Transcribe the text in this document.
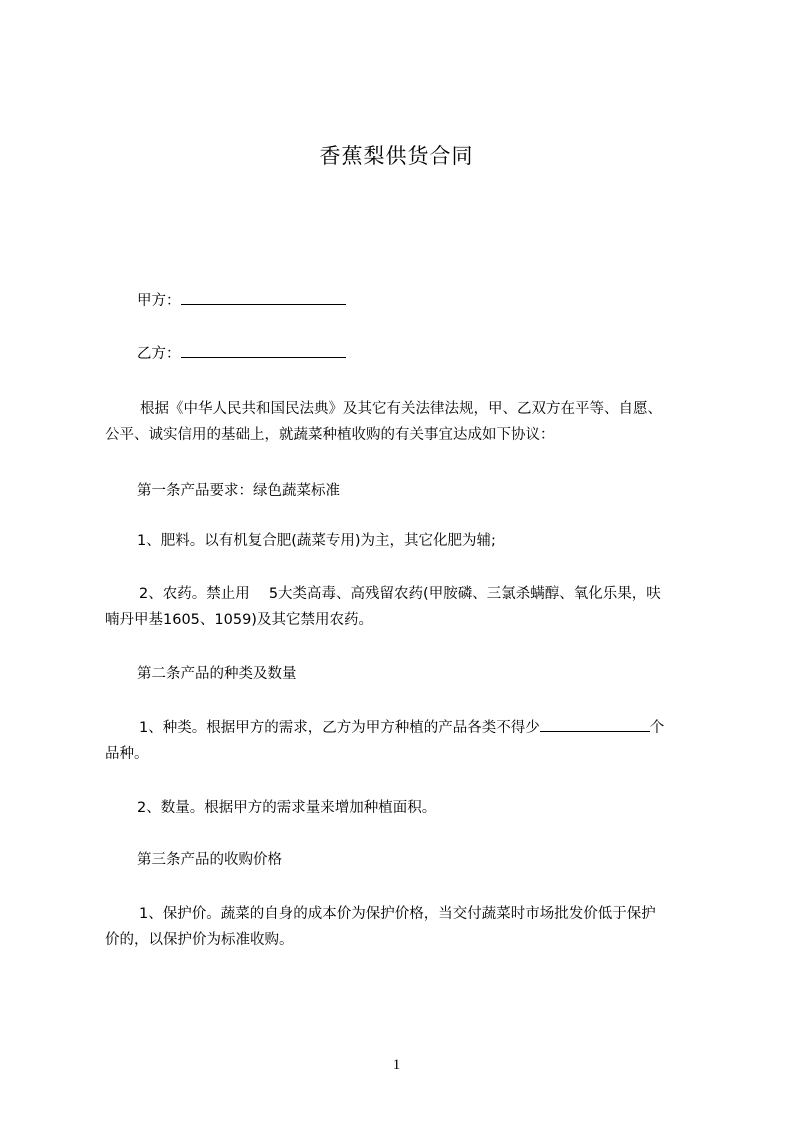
香蕉梨供货合同
甲方：
乙方：
根据《中华人民共和国民法典》及其它有关法律法规，甲、乙双方在平等、自愿、
公平、诚实信用的基础上，就蔬菜种植收购的有关事宜达成如下协议：
第一条产品要求：绿色蔬菜标准
1、肥料。以有机复合肥(蔬菜专用)为主，其它化肥为辅;
2、农药。禁止用　 5大类高毒、高残留农药(甲胺磷、三氯杀螨醇、氧化乐果，呋
喃丹甲基1605、1059)及其它禁用农药。
第二条产品的种类及数量
1、种类。根据甲方的需求，乙方为甲方种植的产品各类不得少	个
品种。
2、数量。根据甲方的需求量来增加种植面积。
第三条产品的收购价格
1、保护价。蔬菜的自身的成本价为保护价格，当交付蔬菜时市场批发价低于保护
价的，以保护价为标准收购。
1
